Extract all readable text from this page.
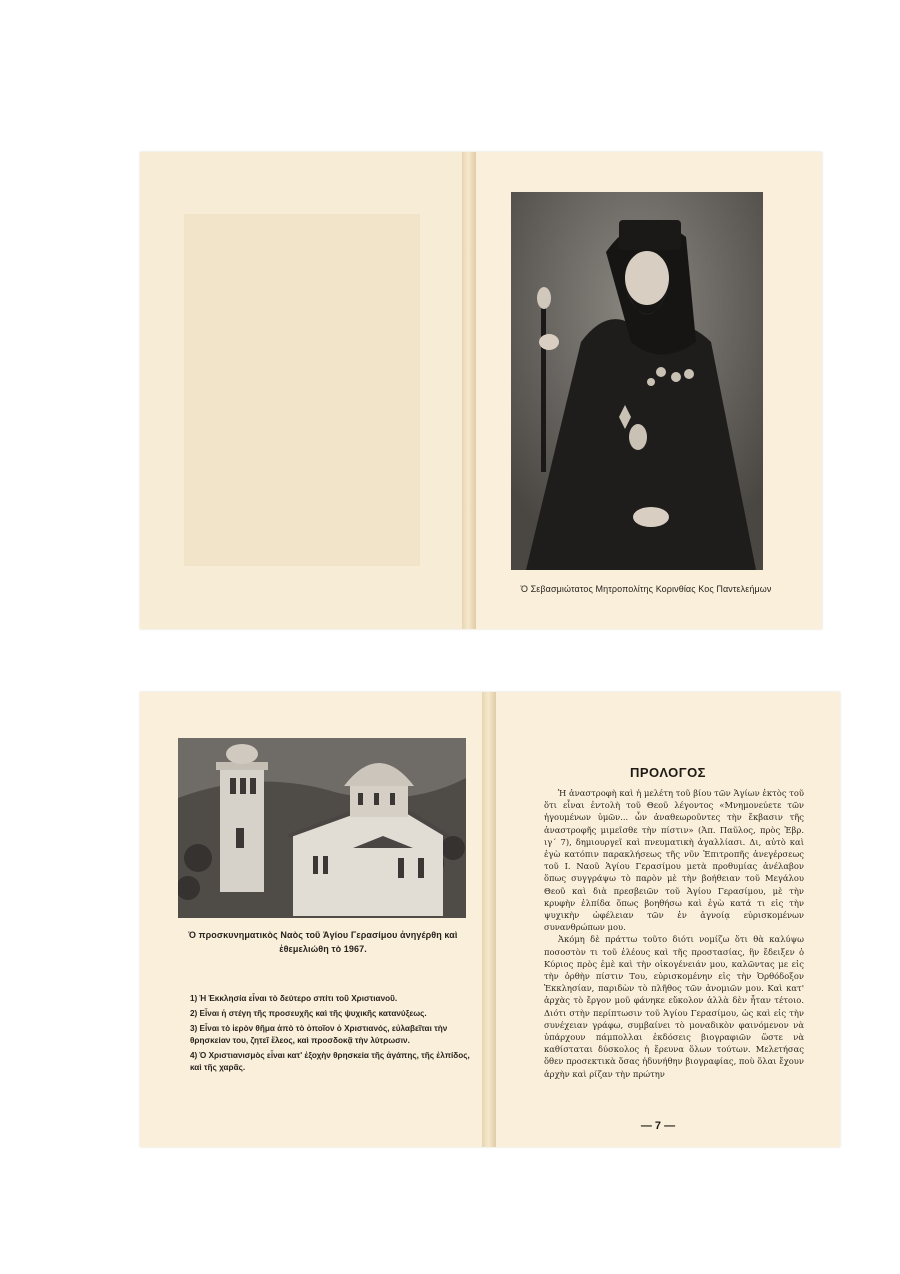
Ὁ Σεβασμιώτατος Μητροπολίτης Κορινθίας Κος Παντελεήμων
Ὁ προσκυνηματικὸς Ναὸς τοῦ Ἁγίου Γερασίμου ἀνηγέρθη καὶ
ἐθεμελιώθη τὸ 1967.
1) Ἡ Ἐκκλησία εἶναι τὸ δεύτερο σπίτι τοῦ Χριστιανοῦ.
2) Εἶναι ἡ στέγη τῆς προσευχῆς καὶ τῆς ψυχικῆς κατανύξεως.
3) Εἶναι τὸ ἱερὸν θῆμα ἀπὸ τὸ ὁποῖον ὁ Χριστιανός, εὐλαβεῖται τὴν θρησκείαν του, ζητεῖ ἔλεος, καὶ προσδοκᾷ τὴν λύτρωσιν.
4) Ὁ Χριστιανισμὸς εἶναι κατ' ἐξοχὴν θρησκεία τῆς ἀγάπης, τῆς ἐλπίδος, καὶ τῆς χαρᾶς.
ΠΡΟΛΟΓΟΣ

Ἡ ἀναστροφὴ καὶ ἡ μελέτη τοῦ βίου τῶν Ἁγίων ἐκτὸς τοῦ ὅτι εἶναι ἐντολὴ τοῦ Θεοῦ λέγοντος «Μνημονεύετε τῶν ἡγουμένων ὑμῶν... ὧν ἀναθεωροῦντες τὴν ἔκβασιν τῆς ἀναστροφῆς μιμεῖσθε τὴν πίστιν» (Ἀπ. Παῦλος, πρὸς Ἑβρ. ιγ΄ 7), δημιουργεῖ καὶ πνευματικὴ ἀγαλλίασι. Δι, αὐτὸ καὶ ἐγὼ κατόπιν παρακλήσεως τῆς νῦν Ἐπιτροπῆς ἀνεγέρσεως τοῦ Ι. Ναοῦ Ἁγίου Γερασίμου μετὰ προθυμίας ἀνέλαβον ὅπως συγγράψω τὸ παρὸν μὲ τὴν βοήθειαν τοῦ Μεγάλου Θεοῦ καὶ διὰ πρεσβειῶν τοῦ Ἁγίου Γερασίμου, μὲ τὴν κρυφὴν ἐλπίδα ὅπως βοηθήσω καὶ ἐγὼ κατά τι εἰς τὴν ψυχικὴν ὠφέλειαν τῶν ἐν ἀγνοίᾳ εὑρισκομένων συνανθρώπων μου.

Ἀκόμη δὲ πράττω τοῦτο διότι νομίζω ὅτι θὰ καλύψω ποσοστὸν τι τοῦ ἐλέους καὶ τῆς προστασίας, ἣν ἔδειξεν ὁ Κύριος πρὸς ἐμὲ καὶ τὴν οἰκογένειάν μου, καλῶντας με εἰς τὴν ὀρθὴν πίστιν Του, εὑρισκομένην εἰς τὴν Ὀρθόδοξον Ἐκκλησίαν, παριδὼν τὸ πλῆθος τῶν ἀνομιῶν μου. Καὶ κατ' ἀρχὰς τὸ ἔργον μοῦ φάνηκε εὔκολον ἀλλὰ δὲν ἦταν τέτοιο. Διότι στὴν περίπτωσιν τοῦ Ἁγίου Γερασίμου, ὡς καὶ εἰς τὴν συνέχειαν γράφω, συμβαίνει τὸ μοναδικὸν φαινόμενον νὰ ὑπάρχουν πάμπολλαι ἐκδόσεις βιογραφιῶν ὥστε νὰ καθίσταται δύσκολος ἡ ἔρευνα ὅλων τούτων. Μελετήσας ὅθεν προσεκτικὰ ὅσας ἠδυνήθην βιογραφίας, ποὺ ὅλαι ἔχουν ἀρχὴν καὶ ρίζαν τὴν πρώτην

— 7 —
